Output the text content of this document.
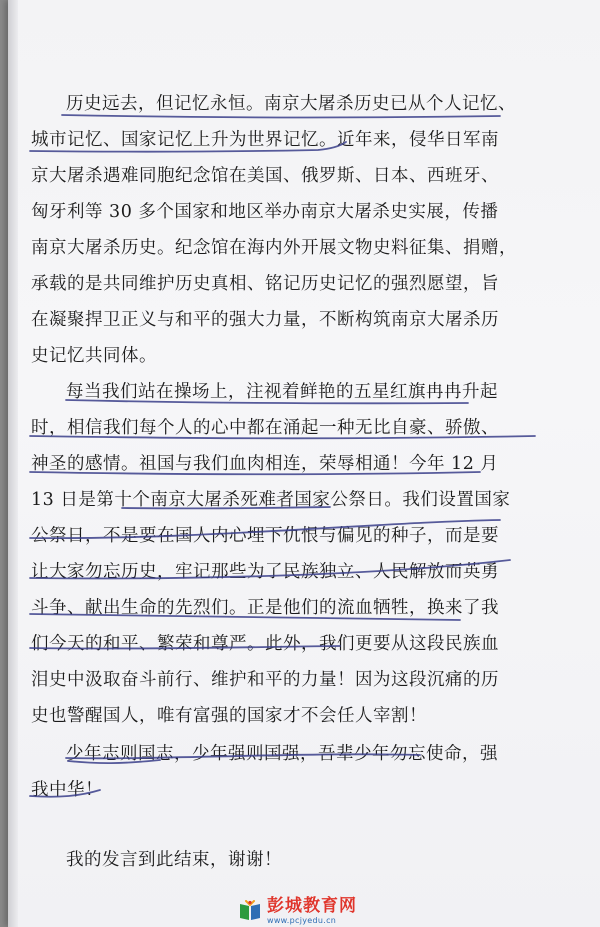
历史远去，但记忆永恒。南京大屠杀历史已从个人记忆、
城市记忆、国家记忆上升为世界记忆。近年来，侵华日军南
京大屠杀遇难同胞纪念馆在美国、俄罗斯、日本、西班牙、
匈牙利等 30 多个国家和地区举办南京大屠杀史实展，传播
南京大屠杀历史。纪念馆在海内外开展文物史料征集、捐赠，
承载的是共同维护历史真相、铭记历史记忆的强烈愿望，旨
在凝聚捍卫正义与和平的强大力量，不断构筑南京大屠杀历
史记忆共同体。
每当我们站在操场上，注视着鲜艳的五星红旗冉冉升起
时，相信我们每个人的心中都在涌起一种无比自豪、骄傲、
神圣的感情。祖国与我们血肉相连，荣辱相通！今年 12 月
13 日是第十个南京大屠杀死难者国家公祭日。我们设置国家
公祭日，不是要在国人内心埋下仇恨与偏见的种子，而是要
让大家勿忘历史，牢记那些为了民族独立、人民解放而英勇
斗争、献出生命的先烈们。正是他们的流血牺牲，换来了我
们今天的和平、繁荣和尊严。此外，我们更要从这段民族血
泪史中汲取奋斗前行、维护和平的力量！因为这段沉痛的历
史也警醒国人，唯有富强的国家才不会任人宰割！
少年志则国志，少年强则国强，吾辈少年勿忘使命，强
我中华！
我的发言到此结束，谢谢！
彭城教育网
www.pcjyedu.cn
